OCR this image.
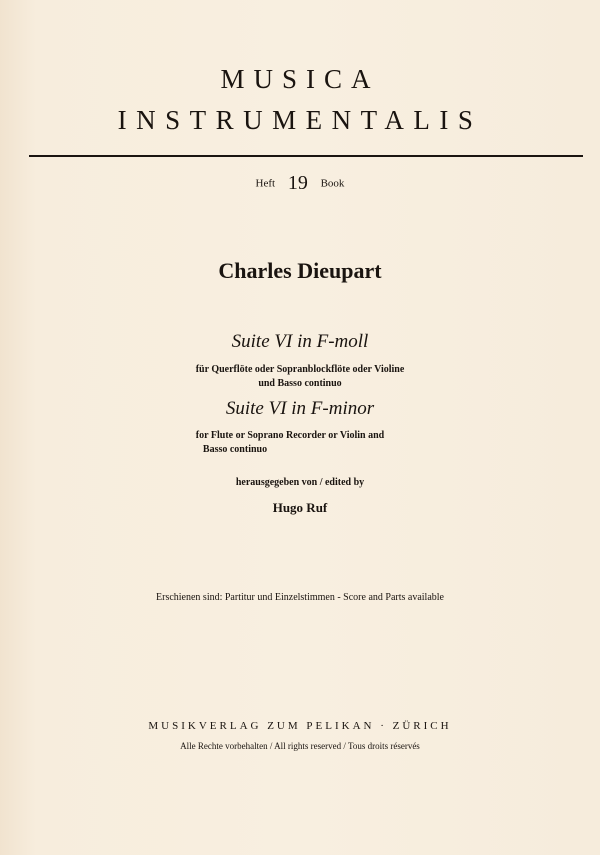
MUSICA
INSTRUMENTALIS
Heft 19 Book
Charles Dieupart
Suite VI in F-moll
für Querflöte oder Sopranblockflöte oder Violine
und Basso continuo
Suite VI in F-minor
for Flute or Soprano Recorder or Violin and
Basso continuo
herausgegeben von / edited by
Hugo Ruf
Erschienen sind: Partitur und Einzelstimmen - Score and Parts available
MUSIKVERLAG ZUM PELIKAN · ZÜRICH
Alle Rechte vorbehalten / All rights reserved / Tous droits réservés
